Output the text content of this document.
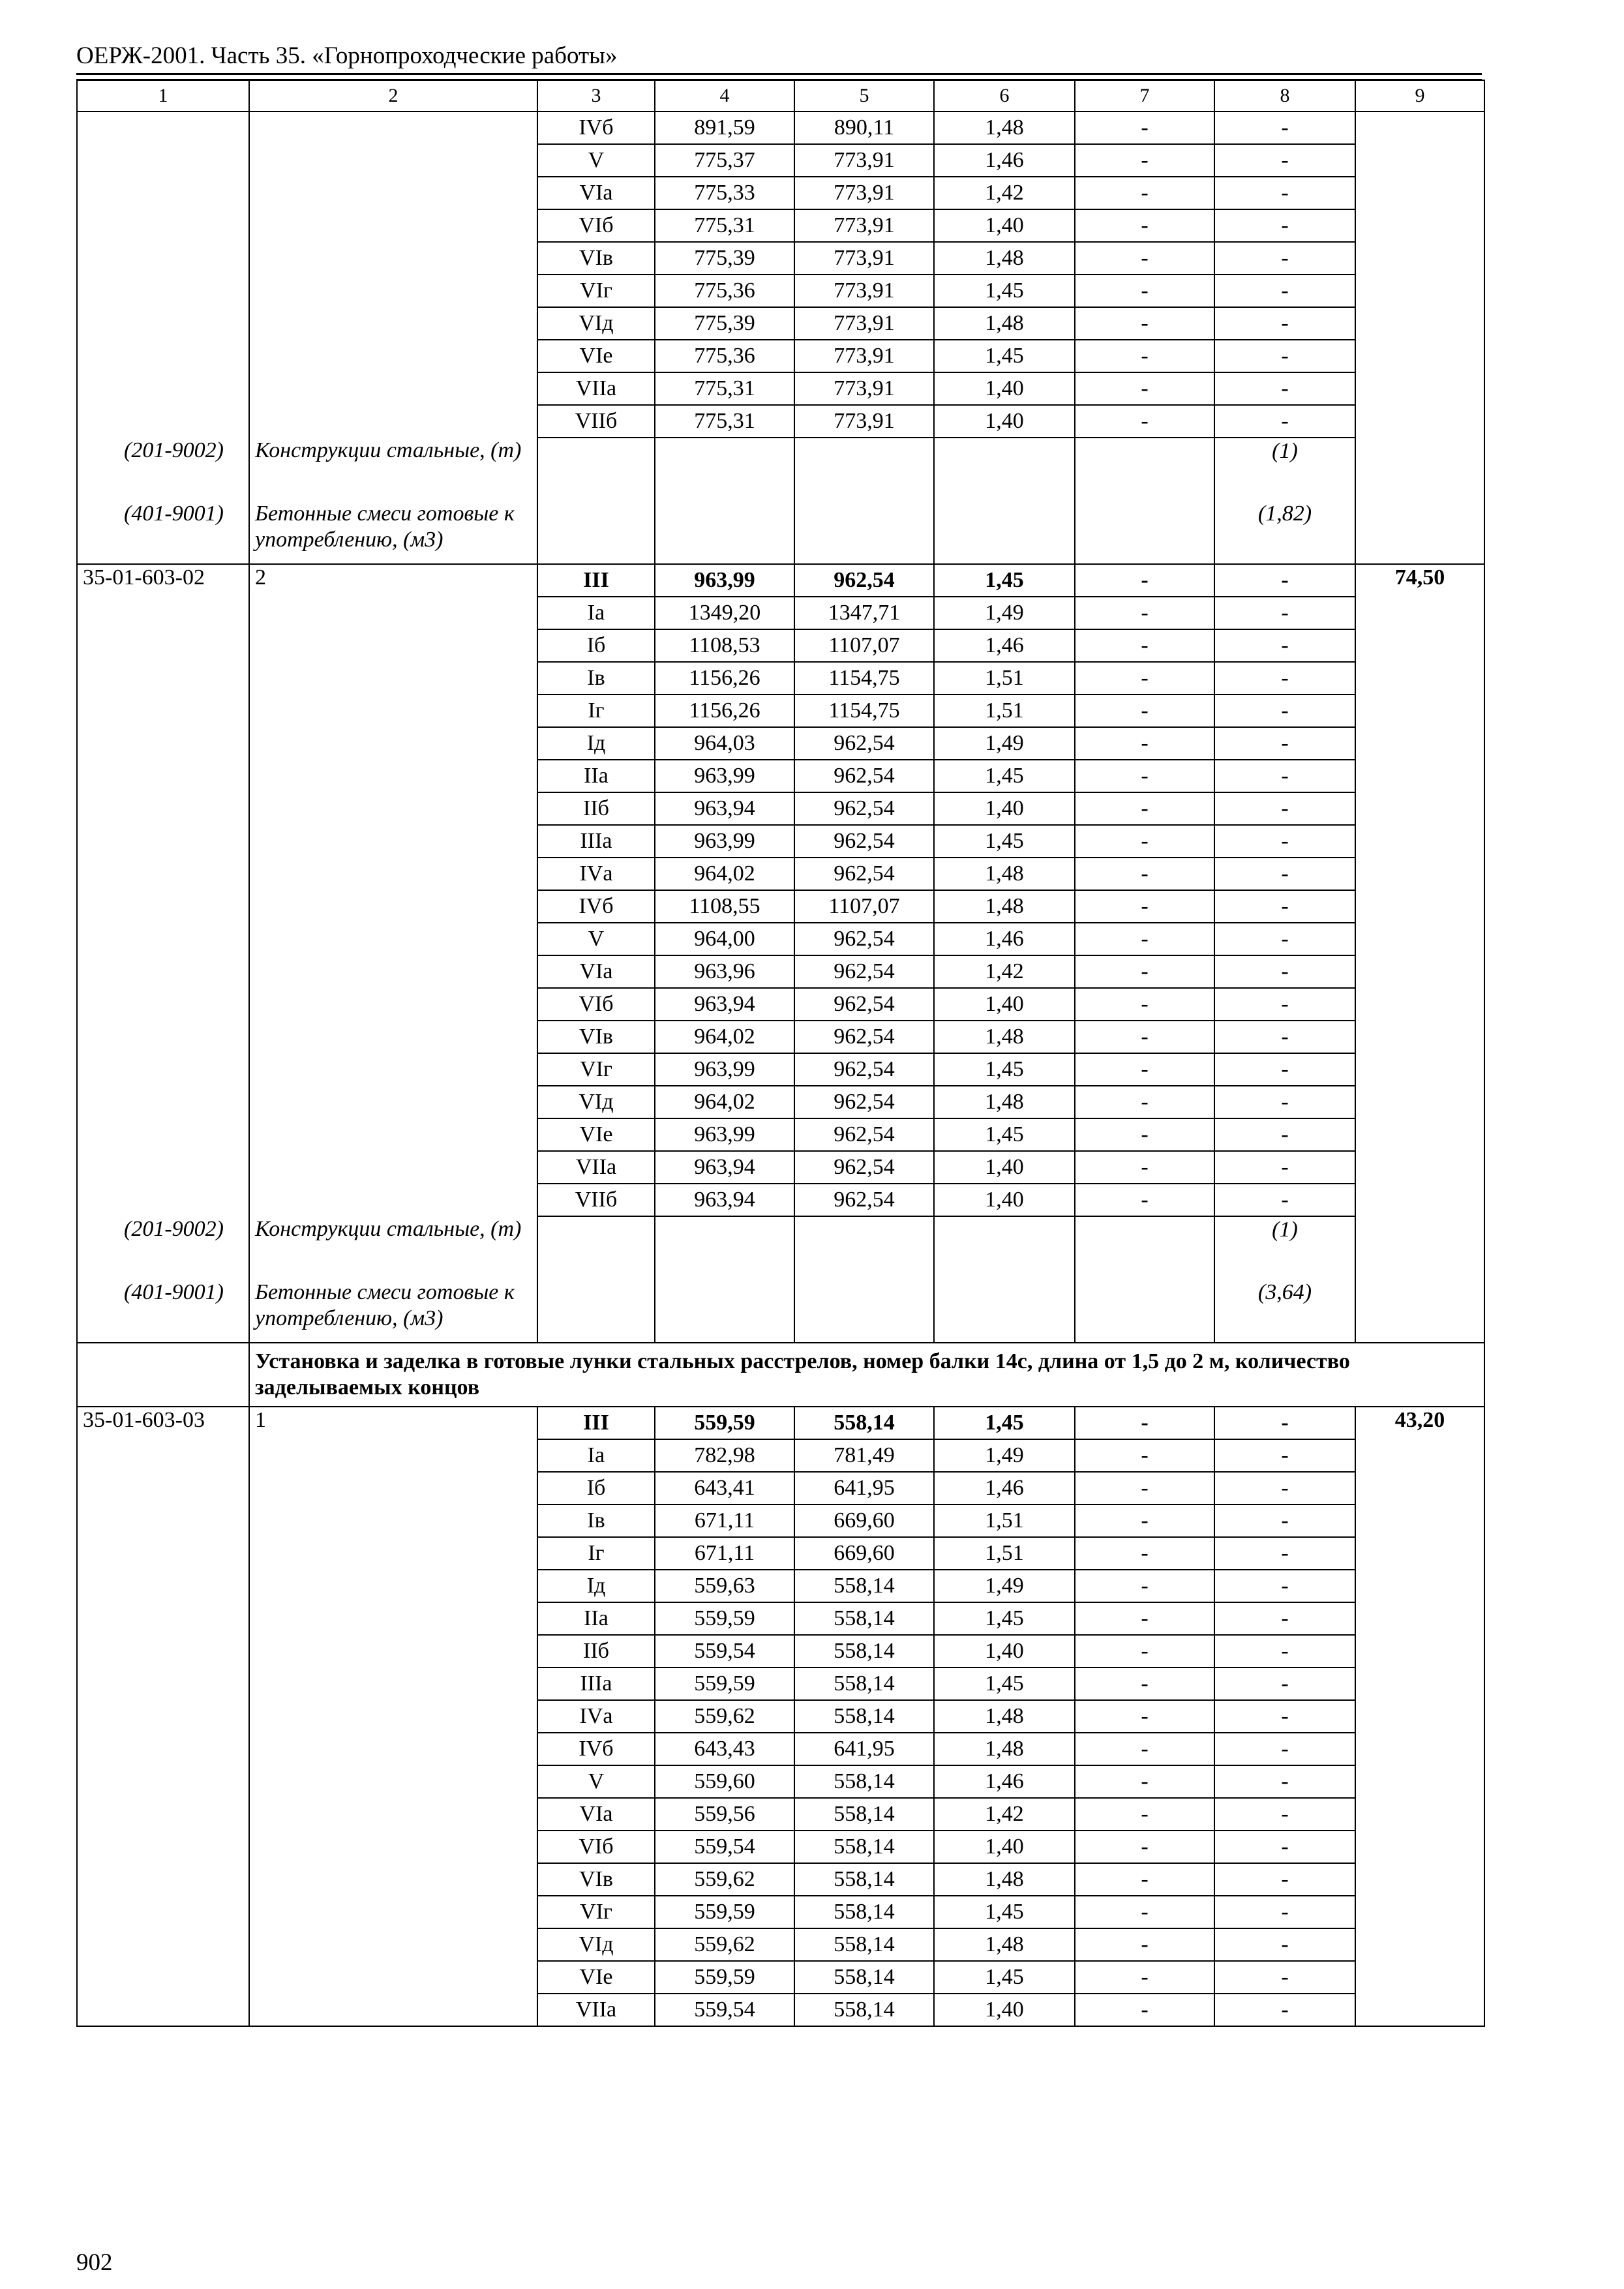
ОЕРЖ-2001. Часть 35. «Горнопроходческие работы»
1	2	3	4	5	6	7	8	9
		IVб	891,59	890,11	1,48	-	-	
		V	775,37	773,91	1,46	-	-	
		VIа	775,33	773,91	1,42	-	-	
		VIб	775,31	773,91	1,40	-	-	
		VIв	775,39	773,91	1,48	-	-	
		VIг	775,36	773,91	1,45	-	-	
		VIд	775,39	773,91	1,48	-	-	
		VIе	775,36	773,91	1,45	-	-	
		VIIа	775,31	773,91	1,40	-	-	
		VIIб	775,31	773,91	1,40	-	-	
(201-9002)	Конструкции стальные, (т)						(1)	
(401-9001)	Бетонные смеси готовые к употреблению, (м3)						(1,82)	
35-01-603-02	2	III	963,99	962,54	1,45	-	-	74,50
		Iа	1349,20	1347,71	1,49	-	-	
		Iб	1108,53	1107,07	1,46	-	-	
		Iв	1156,26	1154,75	1,51	-	-	
		Iг	1156,26	1154,75	1,51	-	-	
		Iд	964,03	962,54	1,49	-	-	
		IIа	963,99	962,54	1,45	-	-	
		IIб	963,94	962,54	1,40	-	-	
		IIIа	963,99	962,54	1,45	-	-	
		IVа	964,02	962,54	1,48	-	-	
		IVб	1108,55	1107,07	1,48	-	-	
		V	964,00	962,54	1,46	-	-	
		VIа	963,96	962,54	1,42	-	-	
		VIб	963,94	962,54	1,40	-	-	
		VIв	964,02	962,54	1,48	-	-	
		VIг	963,99	962,54	1,45	-	-	
		VIд	964,02	962,54	1,48	-	-	
		VIе	963,99	962,54	1,45	-	-	
		VIIа	963,94	962,54	1,40	-	-	
		VIIб	963,94	962,54	1,40	-	-	
(201-9002)	Конструкции стальные, (т)						(1)	
(401-9001)	Бетонные смеси готовые к употреблению, (м3)						(3,64)	
	Установка и заделка в готовые лунки стальных расстрелов, номер балки 14с, длина от 1,5 до 2 м, количество заделываемых концов							
35-01-603-03	1	III	559,59	558,14	1,45	-	-	43,20
		Iа	782,98	781,49	1,49	-	-	
		Iб	643,41	641,95	1,46	-	-	
		Iв	671,11	669,60	1,51	-	-	
		Iг	671,11	669,60	1,51	-	-	
		Iд	559,63	558,14	1,49	-	-	
		IIа	559,59	558,14	1,45	-	-	
		IIб	559,54	558,14	1,40	-	-	
		IIIа	559,59	558,14	1,45	-	-	
		IVа	559,62	558,14	1,48	-	-	
		IVб	643,43	641,95	1,48	-	-	
		V	559,60	558,14	1,46	-	-	
		VIа	559,56	558,14	1,42	-	-	
		VIб	559,54	558,14	1,40	-	-	
		VIв	559,62	558,14	1,48	-	-	
		VIг	559,59	558,14	1,45	-	-	
		VIд	559,62	558,14	1,48	-	-	
		VIе	559,59	558,14	1,45	-	-	
		VIIа	559,54	558,14	1,40	-	-	
902
